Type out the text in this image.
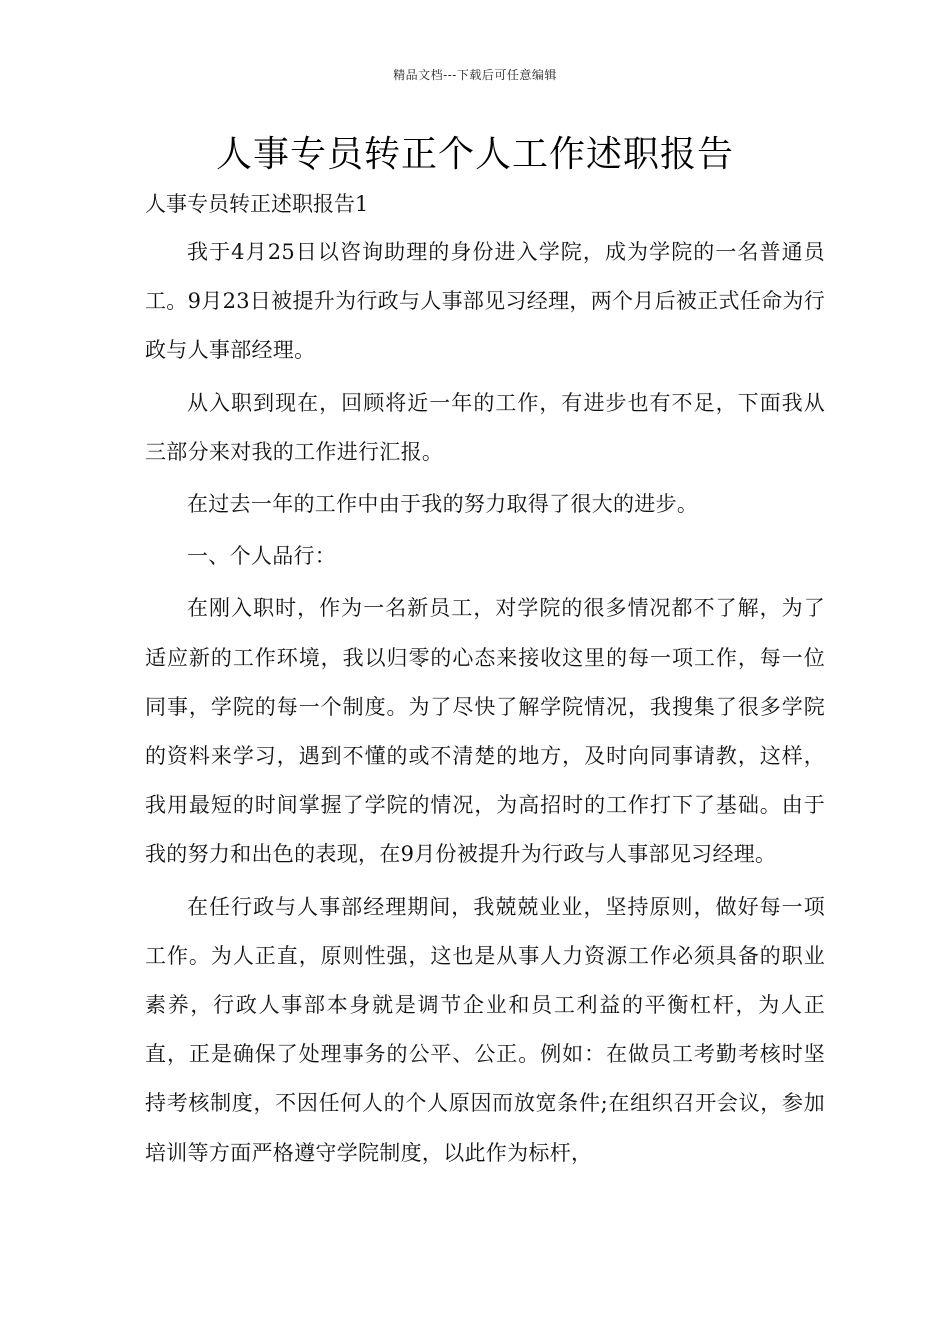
精品文档---下载后可任意编辑
人事专员转正个人工作述职报告
人事专员转正述职报告1

我于4月25日以咨询助理的身份进入学院，成为学院的一名普通员工。9月23日被提升为行政与人事部见习经理，两个月后被正式任命为行政与人事部经理。

从入职到现在，回顾将近一年的工作，有进步也有不足，下面我从三部分来对我的工作进行汇报。

在过去一年的工作中由于我的努力取得了很大的进步。

一、个人品行：

在刚入职时，作为一名新员工，对学院的很多情况都不了解，为了适应新的工作环境，我以归零的心态来接收这里的每一项工作，每一位同事，学院的每一个制度。为了尽快了解学院情况，我搜集了很多学院的资料来学习，遇到不懂的或不清楚的地方，及时向同事请教，这样，我用最短的时间掌握了学院的情况，为高招时的工作打下了基础。由于我的努力和出色的表现，在9月份被提升为行政与人事部见习经理。

在任行政与人事部经理期间，我兢兢业业，坚持原则，做好每一项工作。为人正直，原则性强，这也是从事人力资源工作必须具备的职业素养，行政人事部本身就是调节企业和员工利益的平衡杠杆，为人正直，正是确保了处理事务的公平、公正。例如：在做员工考勤考核时坚持考核制度，不因任何人的个人原因而放宽条件;在组织召开会议，参加培训等方面严格遵守学院制度，以此作为标杆，
